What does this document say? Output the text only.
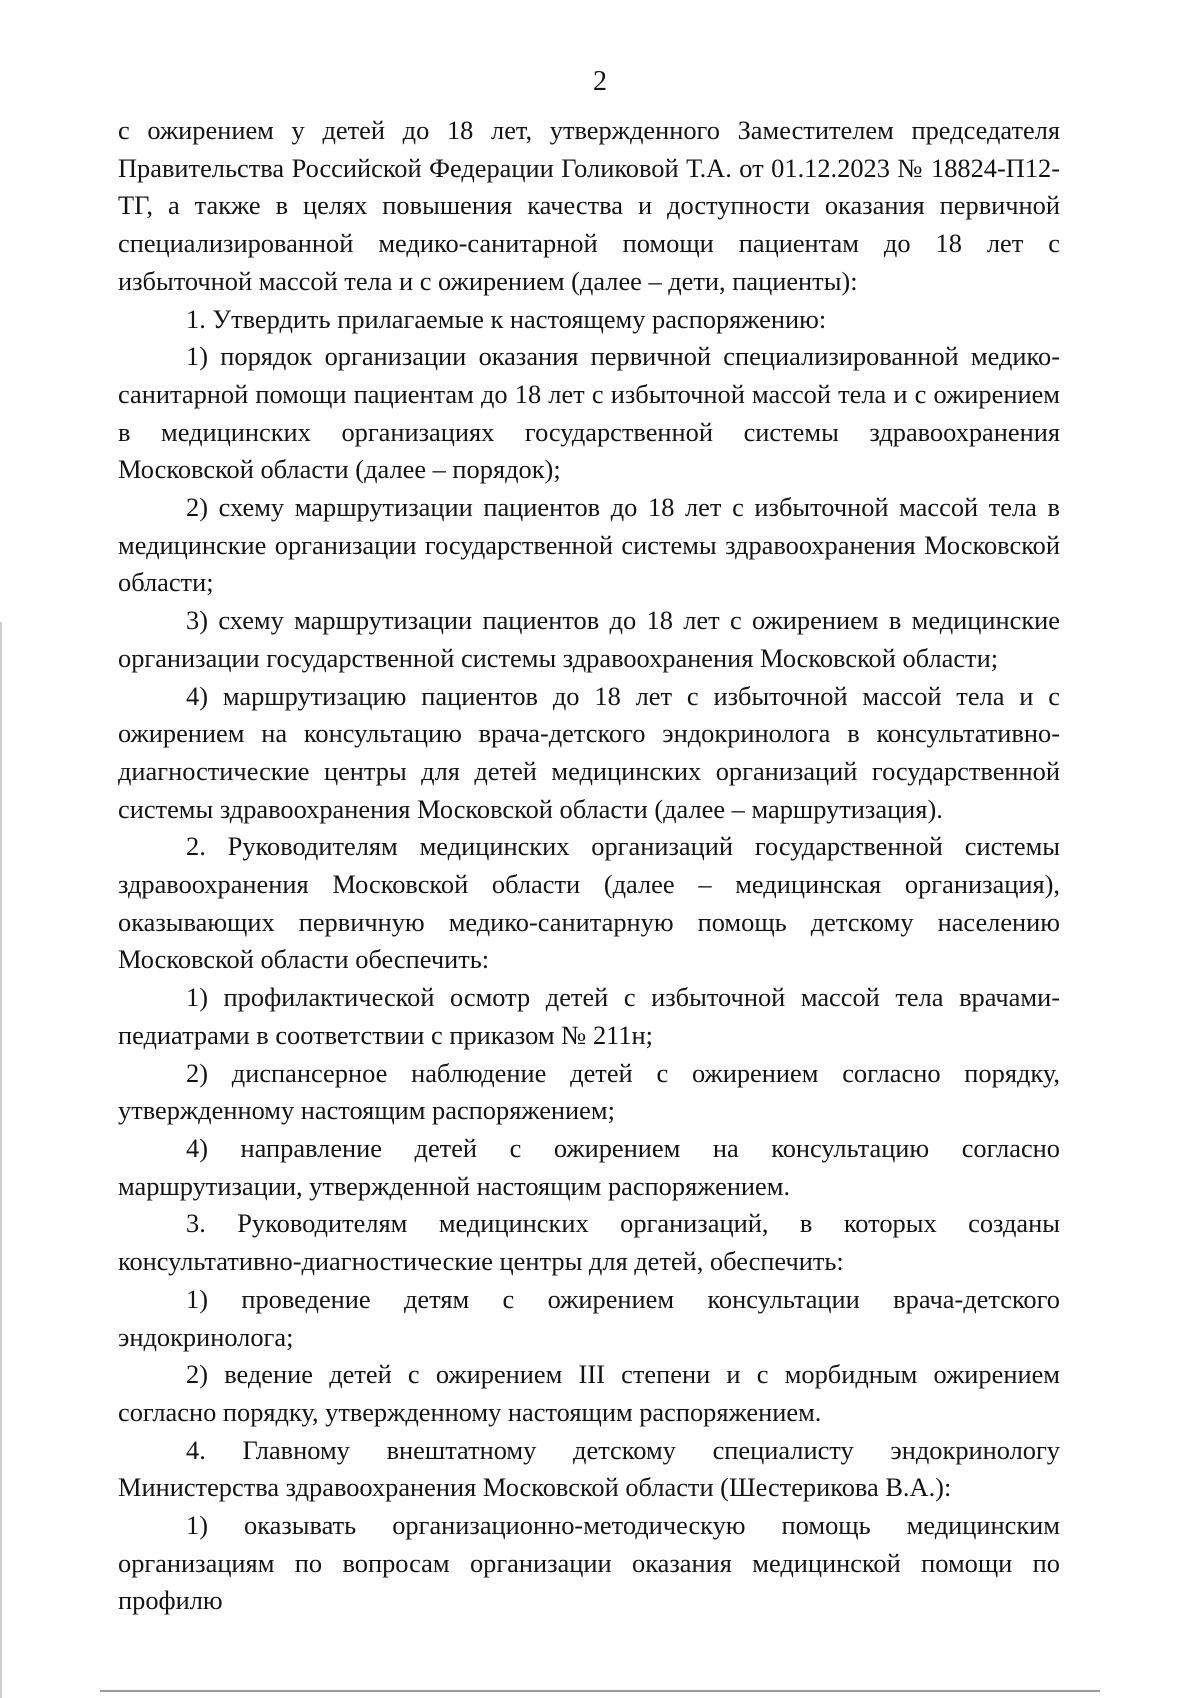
2

с ожирением у детей до 18 лет, утвержденного Заместителем председателя Правительства Российской Федерации Голиковой Т.А. от 01.12.2023 № 18824-П12-ТГ, а также в целях повышения качества и доступности оказания первичной специализированной медико-санитарной помощи пациентам до 18 лет с избыточной массой тела и с ожирением (далее – дети, пациенты):

1. Утвердить прилагаемые к настоящему распоряжению:

1) порядок организации оказания первичной специализированной медико-санитарной помощи пациентам до 18 лет с избыточной массой тела и с ожирением в медицинских организациях государственной системы здравоохранения Московской области (далее – порядок);

2) схему маршрутизации пациентов до 18 лет с избыточной массой тела в медицинские организации государственной системы здравоохранения Московской области;

3) схему маршрутизации пациентов до 18 лет с ожирением в медицинские организации государственной системы здравоохранения Московской области;

4) маршрутизацию пациентов до 18 лет с избыточной массой тела и с ожирением на консультацию врача-детского эндокринолога в консультативно-диагностические центры для детей медицинских организаций государственной системы здравоохранения Московской области (далее – маршрутизация).

2. Руководителям медицинских организаций государственной системы здравоохранения Московской области (далее – медицинская организация), оказывающих первичную медико-санитарную помощь детскому населению Московской области обеспечить:

1) профилактической осмотр детей с избыточной массой тела врачами-педиатрами в соответствии с приказом № 211н;

2) диспансерное наблюдение детей с ожирением согласно порядку, утвержденному настоящим распоряжением;

4) направление детей с ожирением на консультацию согласно маршрутизации, утвержденной настоящим распоряжением.

3. Руководителям медицинских организаций, в которых созданы консультативно-диагностические центры для детей, обеспечить:

1) проведение детям с ожирением консультации врача-детского эндокринолога;

2) ведение детей с ожирением III степени и с морбидным ожирением согласно порядку, утвержденному настоящим распоряжением.

4. Главному внештатному детскому специалисту эндокринологу Министерства здравоохранения Московской области (Шестерикова В.А.):

1) оказывать организационно-методическую помощь медицинским организациям по вопросам организации оказания медицинской помощи по профилю
